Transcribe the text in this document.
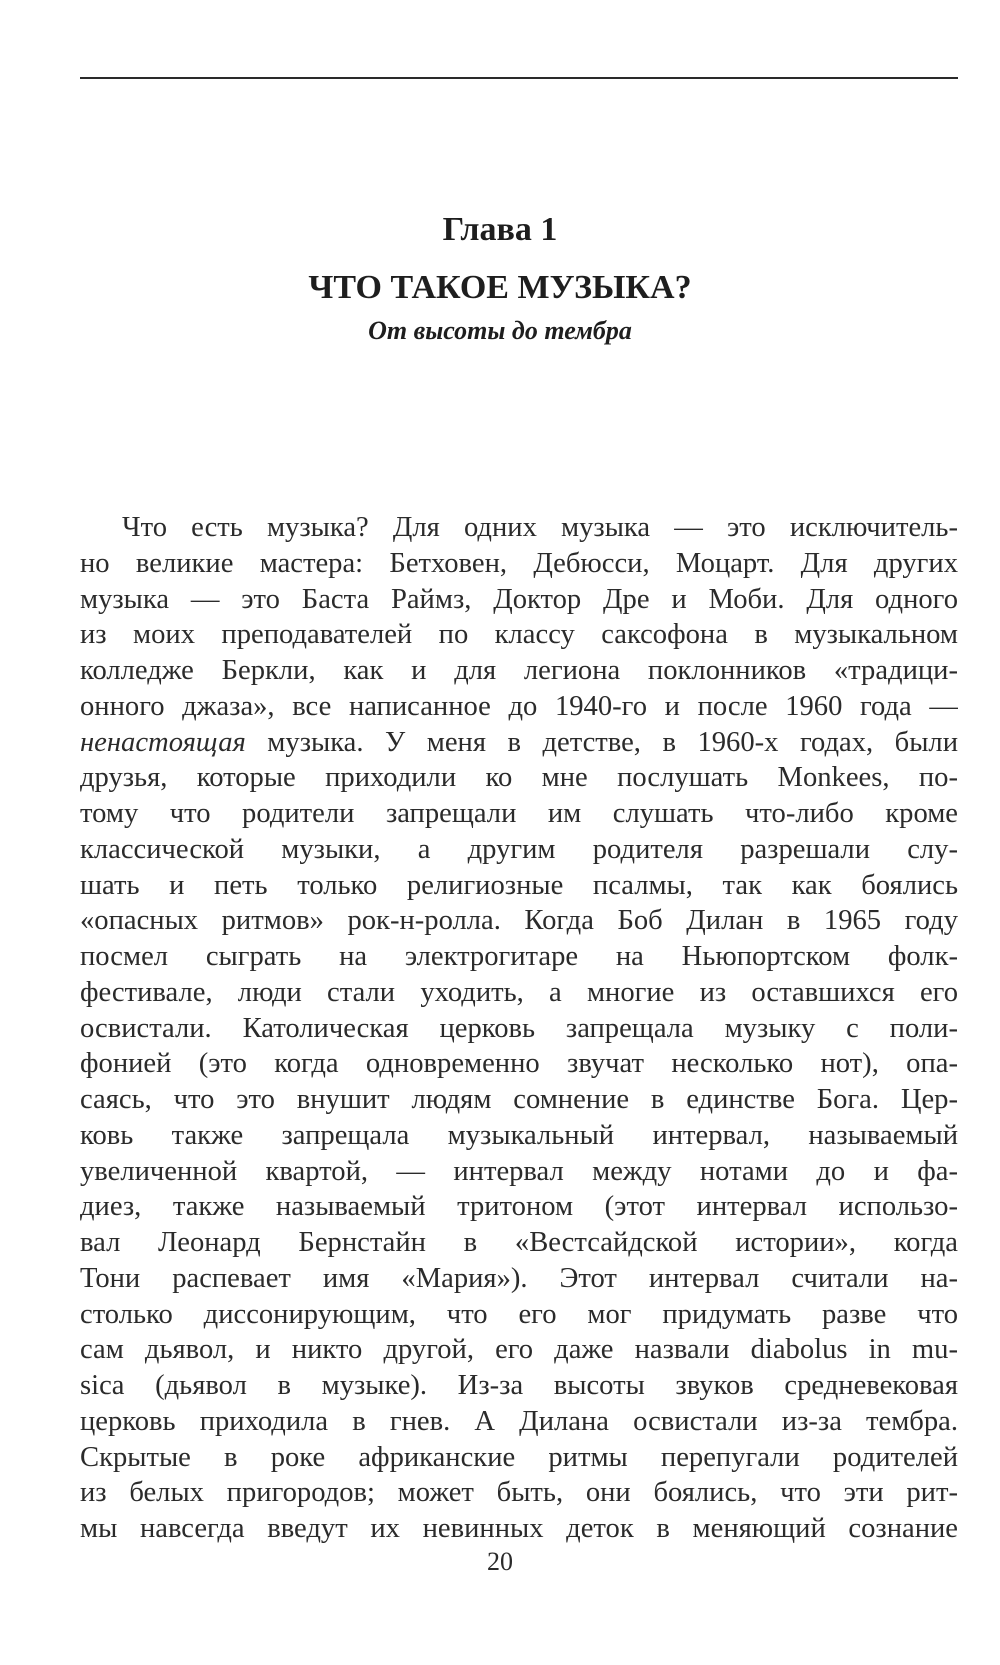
Глава 1
ЧТО ТАКОЕ МУЗЫКА?
От высоты до тембра
Что есть музыка? Для одних музыка — это исключитель-
но великие мастера: Бетховен, Дебюсси, Моцарт. Для других
музыка — это Баста Раймз, Доктор Дре и Моби. Для одного
из моих преподавателей по классу саксофона в музыкальном
колледже Беркли, как и для легиона поклонников «традици-
онного джаза», все написанное до 1940-го и после 1960 года —
ненастоящая музыка. У меня в детстве, в 1960-х годах, были
друзья, которые приходили ко мне послушать Monkees, по-
тому что родители запрещали им слушать что-либо кроме
классической музыки, а другим родителя разрешали слу-
шать и петь только религиозные псалмы, так как боялись
«опасных ритмов» рок-н-ролла. Когда Боб Дилан в 1965 году
посмел сыграть на электрогитаре на Ньюпортском фолк-
фестивале, люди стали уходить, а многие из оставшихся его
освистали. Католическая церковь запрещала музыку с поли-
фонией (это когда одновременно звучат несколько нот), опа-
саясь, что это внушит людям сомнение в единстве Бога. Цер-
ковь также запрещала музыкальный интервал, называемый
увеличенной квартой, — интервал между нотами до и фа-
диез, также называемый тритоном (этот интервал использо-
вал Леонард Бернстайн в «Вестсайдской истории», когда
Тони распевает имя «Мария»). Этот интервал считали на-
столько диссонирующим, что его мог придумать разве что
сам дьявол, и никто другой, его даже назвали diabolus in mu-
sica (дьявол в музыке). Из-за высоты звуков средневековая
церковь приходила в гнев. А Дилана освистали из-за тембра.
Скрытые в роке африканские ритмы перепугали родителей
из белых пригородов; может быть, они боялись, что эти рит-
мы навсегда введут их невинных деток в меняющий сознание
20
